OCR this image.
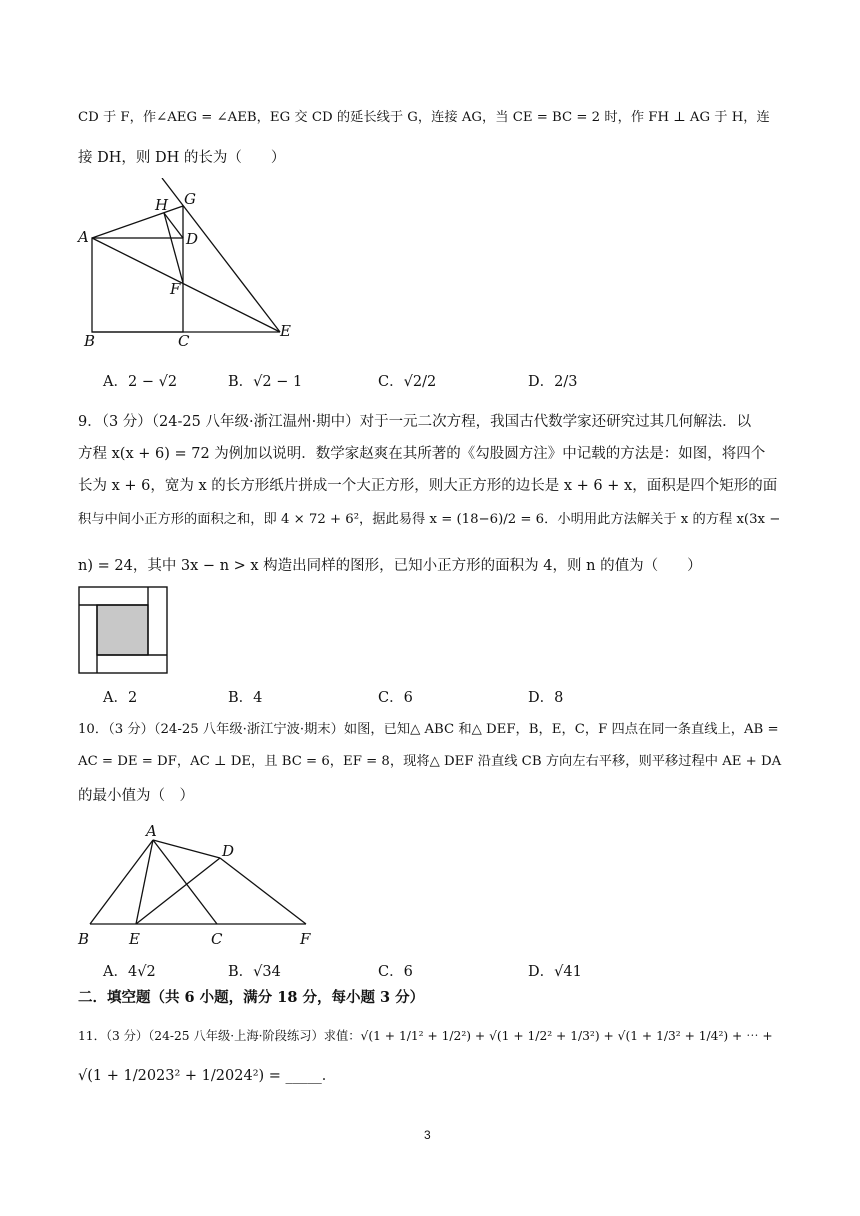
CD 于 F，作∠AEG = ∠AEB，EG 交 CD 的延长线于 G，连接 AG，当 CE = BC = 2 时，作 FH ⊥ AG 于 H，连
接 DH，则 DH 的长为（　　）
A
B	C
D
E
F
G
H
A．2 − √2	B．√2 − 1	C．√2/2	D．2/3
9．（3 分）（24-25 八年级·浙江温州·期中）对于一元二次方程，我国古代数学家还研究过其几何解法．以
方程 x(x + 6) = 72 为例加以说明．数学家赵爽在其所著的《勾股圆方注》中记载的方法是：如图，将四个
长为 x + 6，宽为 x 的长方形纸片拼成一个大正方形，则大正方形的边长是 x + 6 + x，面积是四个矩形的面
积与中间小正方形的面积之和，即 4 × 72 + 6²，据此易得 x = (18−6)/2 = 6．小明用此方法解关于 x 的方程 x(3x −
n) = 24，其中 3x − n > x 构造出同样的图形，已知小正方形的面积为 4，则 n 的值为（　　）
A．2	B．4	C．6	D．8
10．（3 分）（24-25 八年级·浙江宁波·期末）如图，已知△ ABC 和△ DEF，B，E，C，F 四点在同一条直线上，AB =
AC = DE = DF，AC ⊥ DE，且 BC = 6，EF = 8，现将△ DEF 沿直线 CB 方向左右平移，则平移过程中 AE + DA
的最小值为（　）
A
B	E	C	F
D
A．4√2	B．√34	C．6	D．√41
二．填空题（共 6 小题，满分 18 分，每小题 3 分）
11．（3 分）（24-25 八年级·上海·阶段练习）求值：√(1 + 1/1² + 1/2²) + √(1 + 1/2² + 1/3²) + √(1 + 1/3² + 1/4²) + ⋯ +
√(1 + 1/2023² + 1/2024²) = _____．
3
